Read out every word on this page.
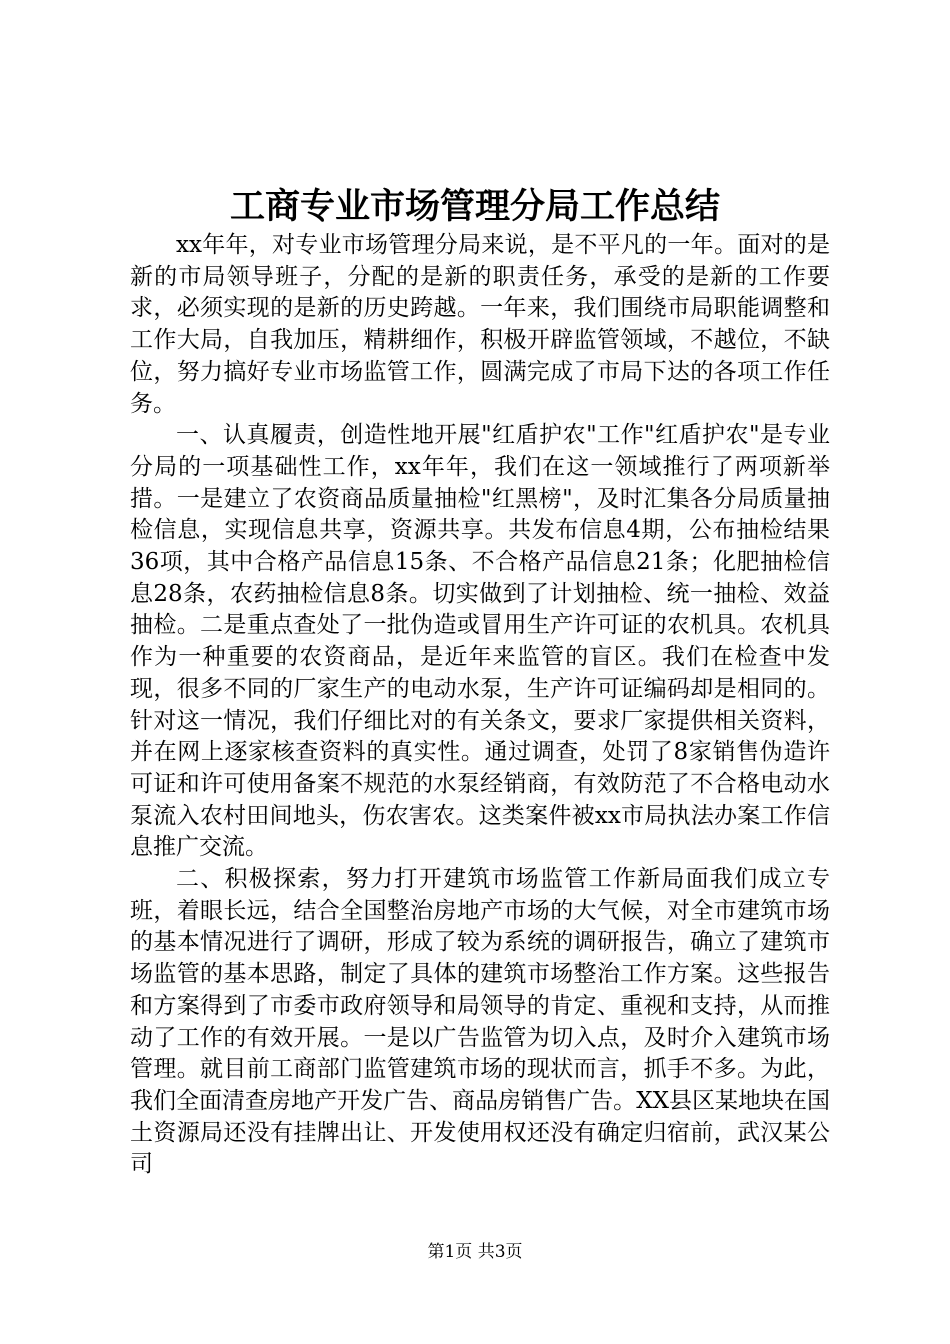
工商专业市场管理分局工作总结

xx年年，对专业市场管理分局来说，是不平凡的一年。面对的是新的市局领导班子，分配的是新的职责任务，承受的是新的工作要求，必须实现的是新的历史跨越。一年来，我们围绕市局职能调整和工作大局，自我加压，精耕细作，积极开辟监管领域，不越位，不缺位，努力搞好专业市场监管工作，圆满完成了市局下达的各项工作任务。

一、认真履责，创造性地开展"红盾护农"工作"红盾护农"是专业分局的一项基础性工作，xx年年，我们在这一领域推行了两项新举措。一是建立了农资商品质量抽检"红黑榜"，及时汇集各分局质量抽检信息，实现信息共享，资源共享。共发布信息4期，公布抽检结果36项，其中合格产品信息15条、不合格产品信息21条；化肥抽检信息28条，农药抽检信息8条。切实做到了计划抽检、统一抽检、效益抽检。二是重点查处了一批伪造或冒用生产许可证的农机具。农机具作为一种重要的农资商品，是近年来监管的盲区。我们在检查中发现，很多不同的厂家生产的电动水泵，生产许可证编码却是相同的。针对这一情况，我们仔细比对的有关条文，要求厂家提供相关资料，并在网上逐家核查资料的真实性。通过调查，处罚了8家销售伪造许可证和许可使用备案不规范的水泵经销商，有效防范了不合格电动水泵流入农村田间地头，伤农害农。这类案件被xx市局执法办案工作信息推广交流。

二、积极探索，努力打开建筑市场监管工作新局面我们成立专班，着眼长远，结合全国整治房地产市场的大气候，对全市建筑市场的基本情况进行了调研，形成了较为系统的调研报告，确立了建筑市场监管的基本思路，制定了具体的建筑市场整治工作方案。这些报告和方案得到了市委市政府领导和局领导的肯定、重视和支持，从而推动了工作的有效开展。一是以广告监管为切入点，及时介入建筑市场管理。就目前工商部门监管建筑市场的现状而言，抓手不多。为此，我们全面清查房地产开发广告、商品房销售广告。XX县区某地块在国土资源局还没有挂牌出让、开发使用权还没有确定归宿前，武汉某公司

第1页 共3页
